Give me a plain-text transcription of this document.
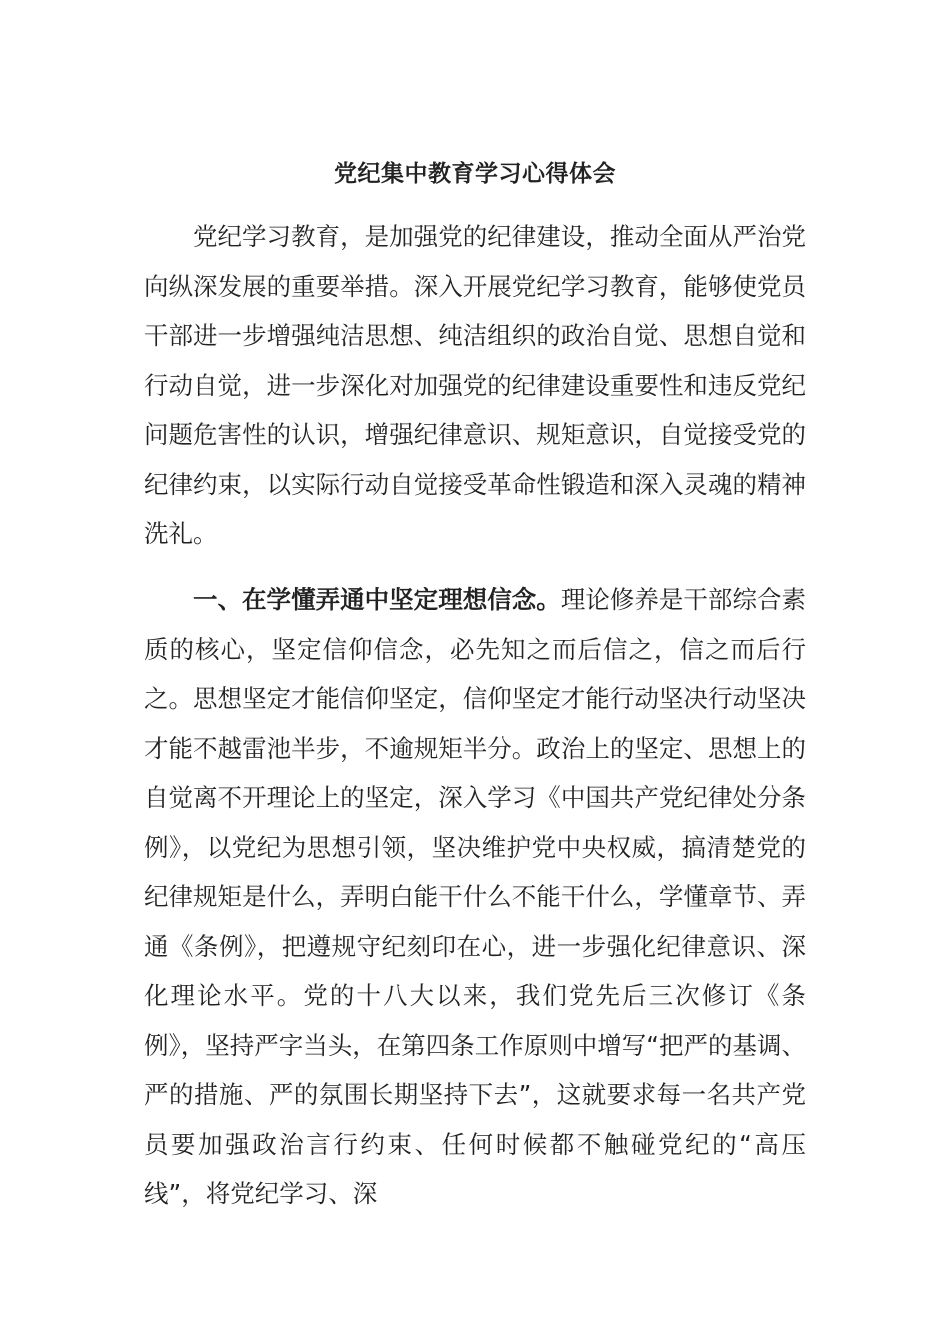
党纪集中教育学习心得体会

党纪学习教育，是加强党的纪律建设，推动全面从严治党向纵深发展的重要举措。深入开展党纪学习教育，能够使党员干部进一步增强纯洁思想、纯洁组织的政治自觉、思想自觉和行动自觉，进一步深化对加强党的纪律建设重要性和违反党纪问题危害性的认识，增强纪律意识、规矩意识，自觉接受党的纪律约束，以实际行动自觉接受革命性锻造和深入灵魂的精神洗礼。

一、在学懂弄通中坚定理想信念。理论修养是干部综合素质的核心，坚定信仰信念，必先知之而后信之，信之而后行之。思想坚定才能信仰坚定，信仰坚定才能行动坚决行动坚决才能不越雷池半步，不逾规矩半分。政治上的坚定、思想上的自觉离不开理论上的坚定，深入学习《中国共产党纪律处分条例》，以党纪为思想引领，坚决维护党中央权威，搞清楚党的纪律规矩是什么，弄明白能干什么不能干什么，学懂章节、弄通《条例》，把遵规守纪刻印在心，进一步强化纪律意识、深化理论水平。党的十八大以来，我们党先后三次修订《条例》，坚持严字当头，在第四条工作原则中增写“把严的基调、严的措施、严的氛围长期坚持下去”，这就要求每一名共产党员要加强政治言行约束、任何时候都不触碰党纪的“高压线”，将党纪学习、深
